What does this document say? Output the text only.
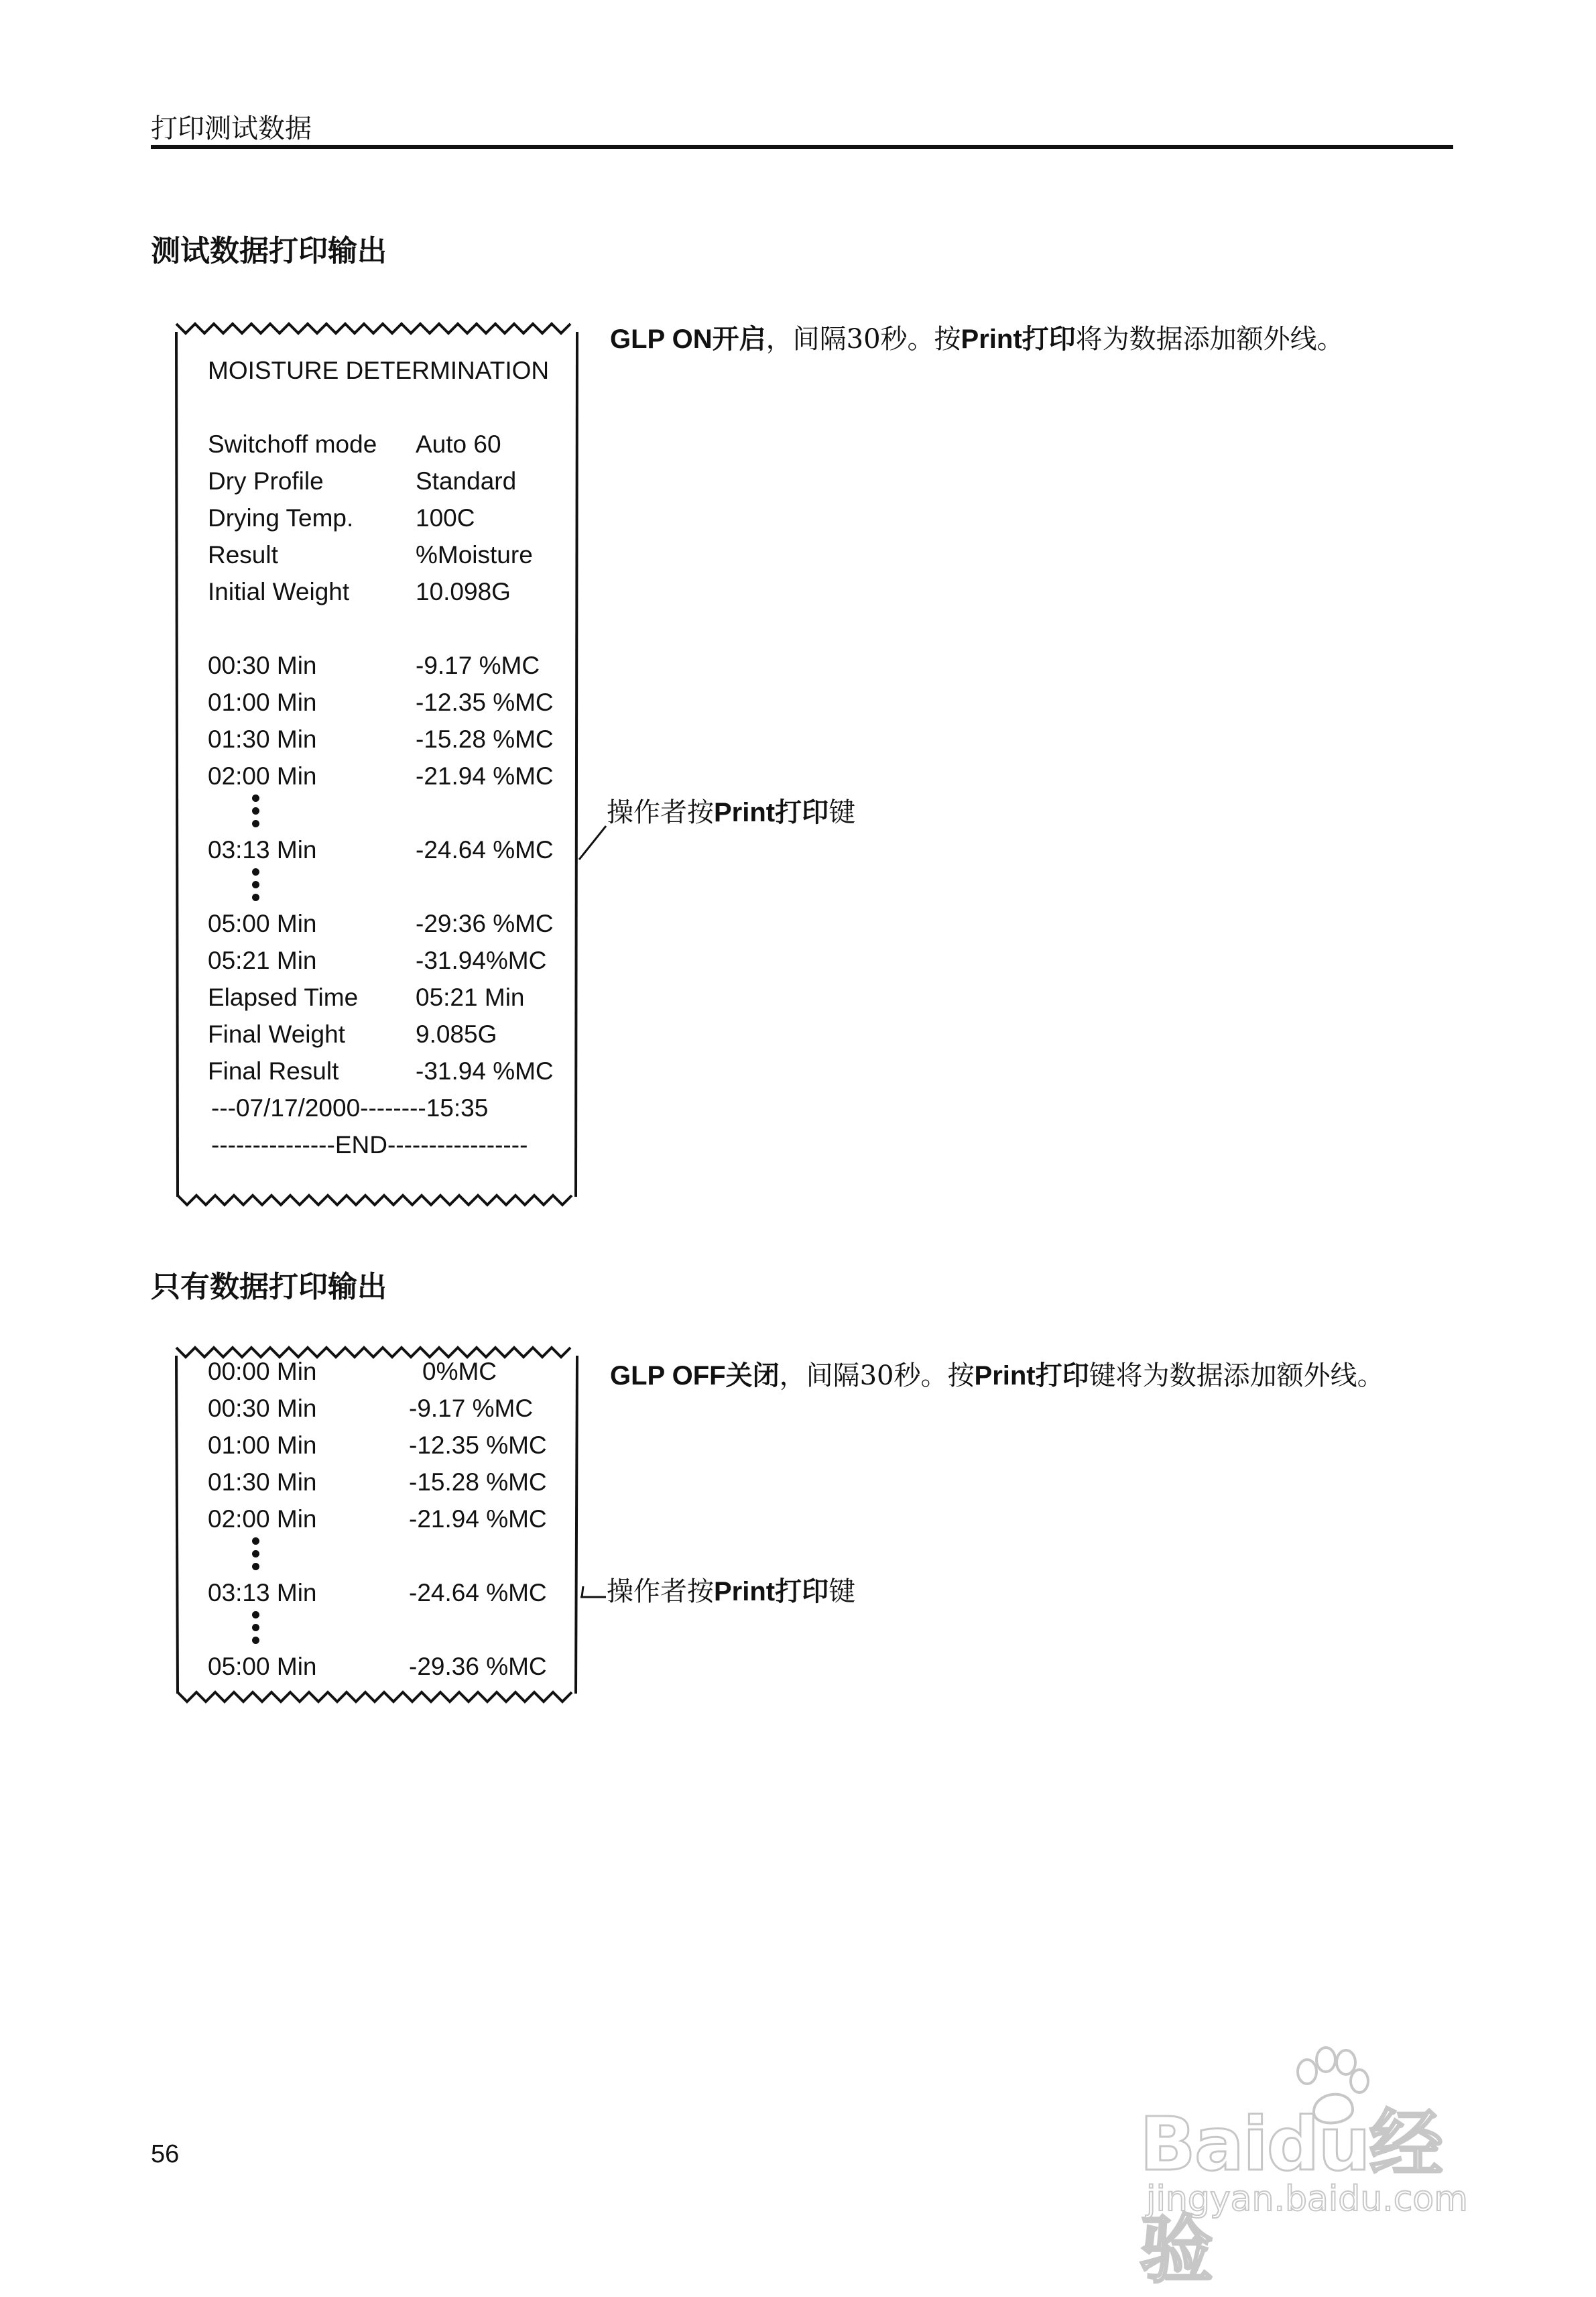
打印测试数据
测试数据打印输出
MOISTURE DETERMINATION
Switchoff mode Auto 60
Dry Profile	Standard
Drying Temp.	100C
Result	%Moisture
Initial Weight	10.098G
00:30 Min	-9.17 %MC
01:00 Min	-12.35 %MC
01:30 Min	-15.28 %MC
02:00 Min	-21.94 %MC
03:13 Min	-24.64 %MC
05:00 Min	-29:36 %MC
05:21 Min	-31.94%MC
Elapsed Time 05:21 Min
Final Weight	9.085G
Final Result	-31.94 %MC
---07/17/2000--------15:35
---------------END-----------------
GLP ON开启，间隔30秒。按Print打印将为数据添加额外线。
操作者按Print打印键
只有数据打印输出
00:00 Min	0%MC
00:30 Min	-9.17 %MC
01:00 Min	-12.35 %MC
01:30 Min	-15.28 %MC
02:00 Min	-21.94 %MC
03:13 Min	-24.64 %MC
05:00 Min	-29.36 %MC
GLP OFF关闭，间隔30秒。按Print打印键将为数据添加额外线。
操作者按Print打印键
56	Baidu经验
jingyan.baidu.com
